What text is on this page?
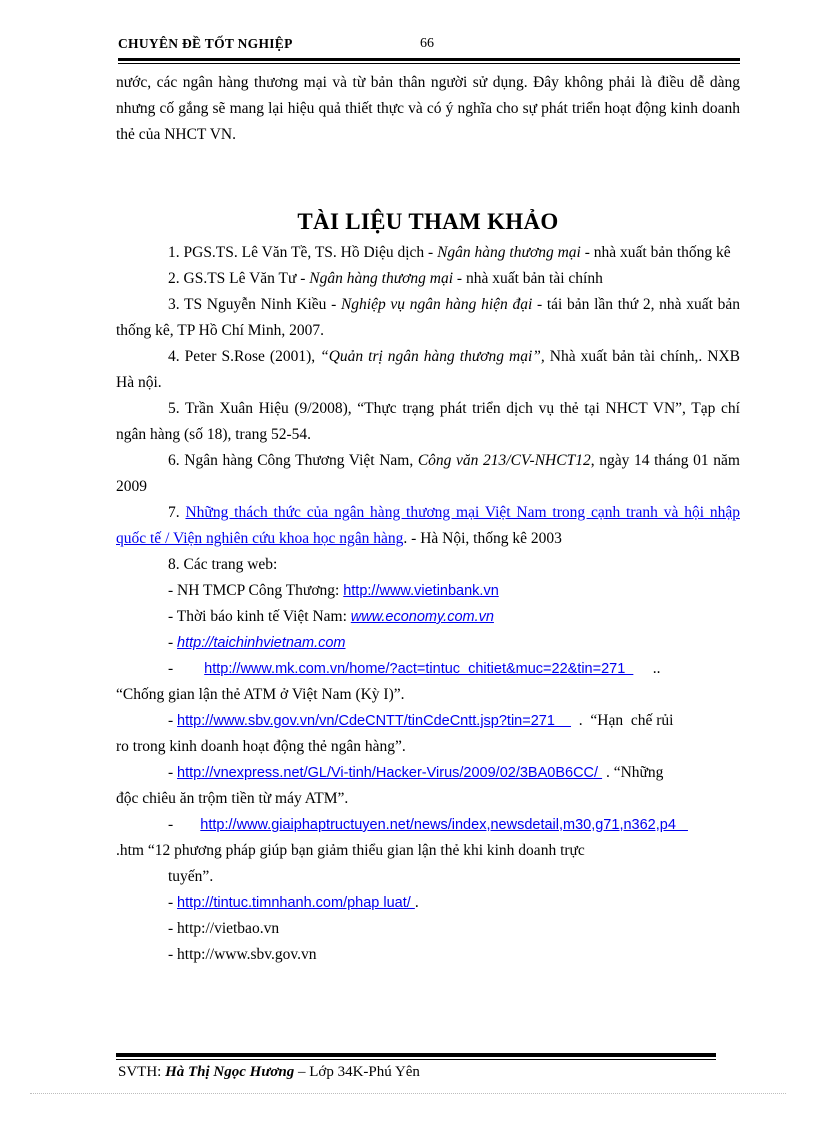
CHUYÊN ĐỀ TỐT NGHIỆP	66

nước, các ngân hàng thương mại và từ bản thân người sử dụng. Đây không phải là điều dễ dàng nhưng cố gắng sẽ mang lại hiệu quả thiết thực và có ý nghĩa cho sự phát triển hoạt động kinh doanh thẻ của NHCT VN.

TÀI LIỆU THAM KHẢO

1. PGS.TS. Lê Văn Tề, TS. Hồ Diệu dịch - Ngân hàng thương mại - nhà xuất bản thống kê

2. GS.TS Lê Văn Tư - Ngân hàng thương mại - nhà xuất bản tài chính

3. TS Nguyễn Ninh Kiều - Nghiệp vụ ngân hàng hiện đại - tái bản lần thứ 2, nhà xuất bản thống kê, TP Hồ Chí Minh, 2007.

4. Peter S.Rose (2001), “Quản trị ngân hàng thương mại”, Nhà xuất bản tài chính,. NXB Hà nội.

5. Trần Xuân Hiệu (9/2008), “Thực trạng phát triển dịch vụ thẻ tại NHCT VN”, Tạp chí ngân hàng (số 18), trang 52-54.

6. Ngân hàng Công Thương Việt Nam, Công văn 213/CV-NHCT12, ngày 14 tháng 01 năm 2009

7. Những thách thức của ngân hàng thương mại Việt Nam trong cạnh tranh và hội nhập quốc tế / Viện nghiên cứu khoa học ngân hàng. - Hà Nội, thống kê 2003

8. Các trang web:

- NH TMCP Công Thương: http://www.vietinbank.vn

- Thời báo kinh tế Việt Nam: www.economy.com.vn

- http://taichinhvietnam.com

-        http://www.mk.com.vn/home/?act=tintuc  chitiet&muc=22&tin=271       ..

“Chống gian lận thẻ ATM ở Việt Nam (Kỳ I)”.

- http://www.sbv.gov.vn/vn/CdeCNTT/tinCdeCntt.jsp?tin=271      .  “Hạn  chế rủi

ro trong kinh doanh hoạt động thẻ ngân hàng”.

- http://vnexpress.net/GL/Vi-tinh/Hacker-Virus/2009/02/3BA0B6CC/  . “Những

độc chiêu ăn trộm tiền từ máy ATM”.

-       http://www.giaiphaptructuyen.net/news/index,newsdetail,m30,g71,n362,p4

.htm “12 phương pháp giúp bạn giảm thiểu gian lận thẻ khi kinh doanh trực

tuyến”.

- http://tintuc.timnhanh.com/phap luat/ .

- http://vietbao.vn

- http://www.sbv.gov.vn

SVTH: Hà Thị Ngọc Hương – Lớp 34K-Phú Yên
